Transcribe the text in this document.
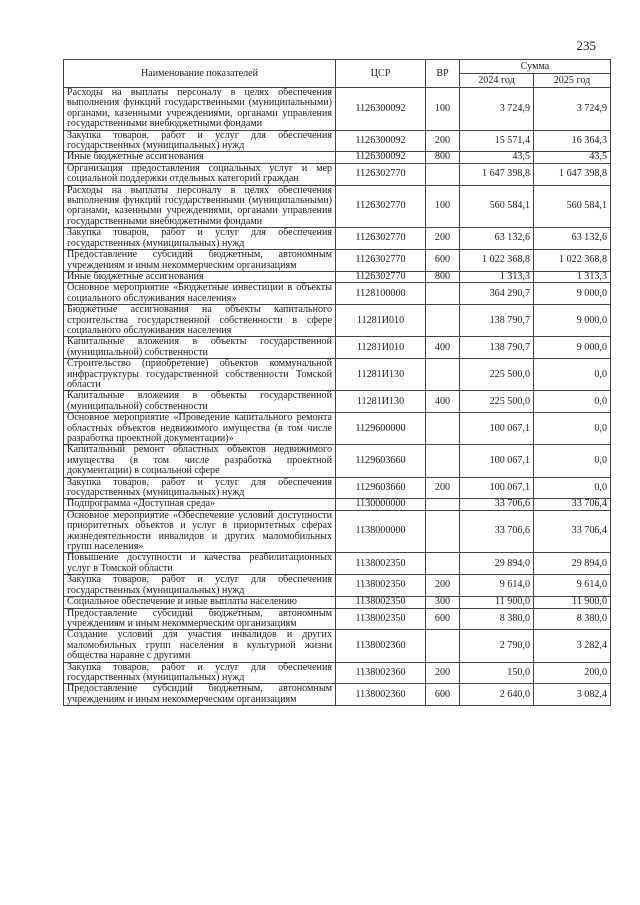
235
Наименование показателей	ЦСР	ВР	Сумма	
			2024 год	2025 год
Расходы на выплаты персоналу в целях обеспечения выполнения функций государственными (муниципальными) органами, казенными учреждениями, органами управления государственными внебюджетными фондами	1126300092	100	3 724,9	3 724,9
Закупка товаров, работ и услуг для обеспечения государственных (муниципальных) нужд	1126300092	200	15 571,4	16 364,3
Иные бюджетные ассигнования	1126300092	800	43,5	43,5
Организация предоставления социальных услуг и мер социальной поддержки отдельных категорий граждан	1126302770		1 647 398,8	1 647 398,8
Расходы на выплаты персоналу в целях обеспечения выполнения функций государственными (муниципальными) органами, казенными учреждениями, органами управления государственными внебюджетными фондами	1126302770	100	560 584,1	560 584,1
Закупка товаров, работ и услуг для обеспечения государственных (муниципальных) нужд	1126302770	200	63 132,6	63 132,6
Предоставление субсидий бюджетным, автономным учреждениям и иным некоммерческим организациям	1126302770	600	1 022 368,8	1 022 368,8
Иные бюджетные ассигнования	1126302770	800	1 313,3	1 313,3
Основное мероприятие «Бюджетные инвестиции в объекты социального обслуживания населения»	1128100000		364 290,7	9 000,0
Бюджетные ассигнования на объекты капитального строительства государственной собственности в сфере социального обслуживания населения	11281И010		138 790,7	9 000,0
Капитальные вложения в объекты государственной (муниципальной) собственности	11281И010	400	138 790,7	9 000,0
Строительство (приобретение) объектов коммунальной инфраструктуры государственной собственности Томской области	11281И130		225 500,0	0,0
Капитальные вложения в объекты государственной (муниципальной) собственности	11281И130	400	225 500,0	0,0
Основное мероприятие «Проведение капитального ремонта областных объектов недвижимого имущества (в том числе разработка проектной документации)»	1129600000		100 067,1	0,0
Капитальный ремонт областных объектов недвижимого имущества (в том числе разработка проектной документации) в социальной сфере	1129603660		100 067,1	0,0
Закупка товаров, работ и услуг для обеспечения государственных (муниципальных) нужд	1129603660	200	100 067,1	0,0
Подпрограмма «Доступная среда»	1130000000		33 706,6	33 706,4
Основное мероприятие «Обеспечение условий доступности приоритетных объектов и услуг в приоритетных сферах жизнедеятельности инвалидов и других маломобильных групп населения»	1138000000		33 706,6	33 706,4
Повышение доступности и качества реабилитационных услуг в Томской области	1138002350		29 894,0	29 894,0
Закупка товаров, работ и услуг для обеспечения государственных (муниципальных) нужд	1138002350	200	9 614,0	9 614,0
Социальное обеспечение и иные выплаты населению	1138002350	300	11 900,0	11 900,0
Предоставление субсидий бюджетным, автономным учреждениям и иным некоммерческим организациям	1138002350	600	8 380,0	8 380,0
Создание условий для участия инвалидов и других маломобильных групп населения в культурной жизни общества наравне с другими	1138002360		2 790,0	3 282,4
Закупка товаров, работ и услуг для обеспечения государственных (муниципальных) нужд	1138002360	200	150,0	200,0
Предоставление субсидий бюджетным, автономным учреждениям и иным некоммерческим организациям	1138002360	600	2 640,0	3 082,4
